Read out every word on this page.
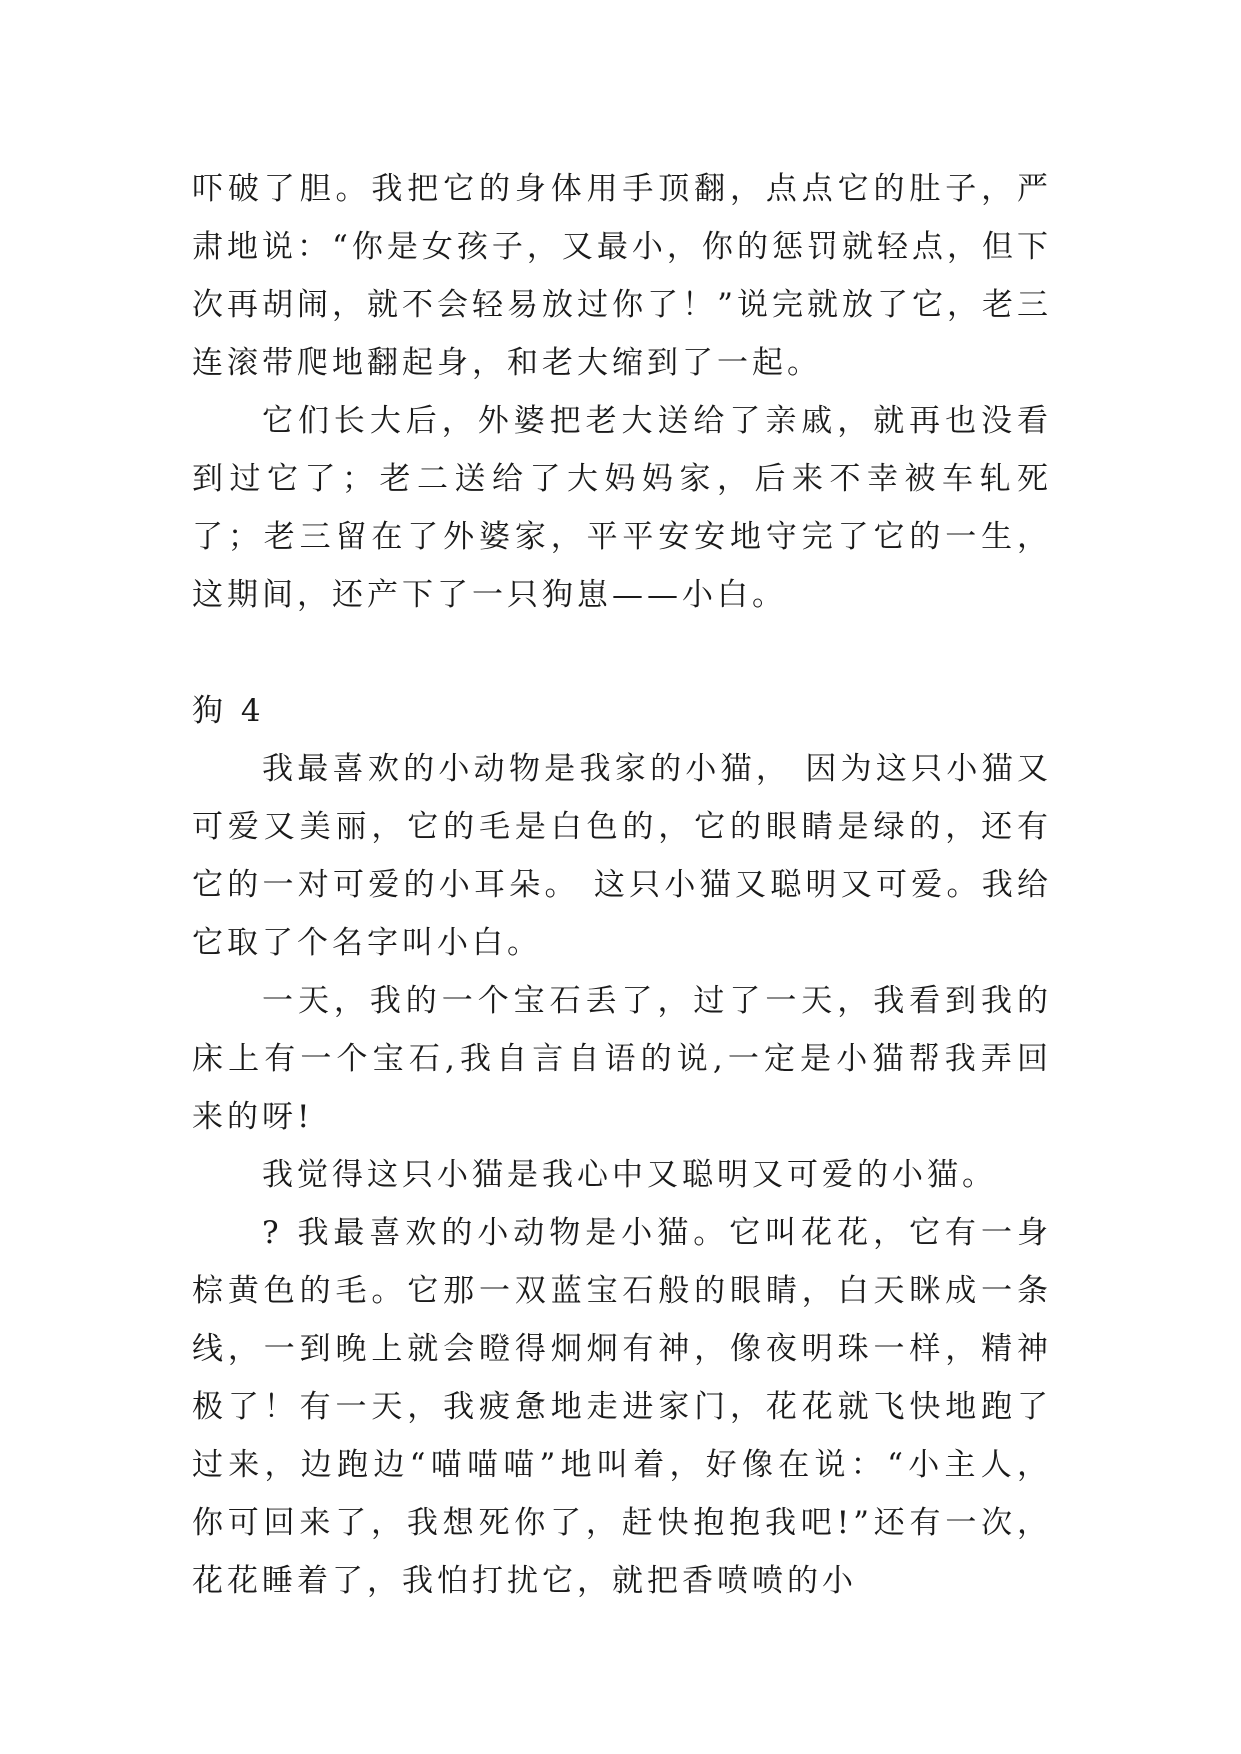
吓破了胆。我把它的身体用手顶翻，点点它的肚子，严肃地说：“你是女孩子，又最小，你的惩罚就轻点，但下次再胡闹，就不会轻易放过你了！”说完就放了它，老三连滚带爬地翻起身，和老大缩到了一起。

它们长大后，外婆把老大送给了亲戚，就再也没看到过它了；老二送给了大妈妈家，后来不幸被车轧死了；老三留在了外婆家，平平安安地守完了它的一生，这期间，还产下了一只狗崽——小白。

狗 4

我最喜欢的小动物是我家的小猫， 因为这只小猫又可爱又美丽，它的毛是白色的，它的眼睛是绿的，还有它的一对可爱的小耳朵。 这只小猫又聪明又可爱。我给它取了个名字叫小白。

一天，我的一个宝石丢了，过了一天，我看到我的床上有一个宝石,我自言自语的说,一定是小猫帮我弄回来的呀!

我觉得这只小猫是我心中又聪明又可爱的小猫。

? 我最喜欢的小动物是小猫。它叫花花，它有一身棕黄色的毛。它那一双蓝宝石般的眼睛，白天眯成一条线，一到晚上就会瞪得炯炯有神，像夜明珠一样，精神极了！有一天，我疲惫地走进家门，花花就飞快地跑了过来，边跑边“喵喵喵”地叫着，好像在说：“小主人，你可回来了，我想死你了，赶快抱抱我吧!”还有一次，花花睡着了，我怕打扰它，就把香喷喷的小
